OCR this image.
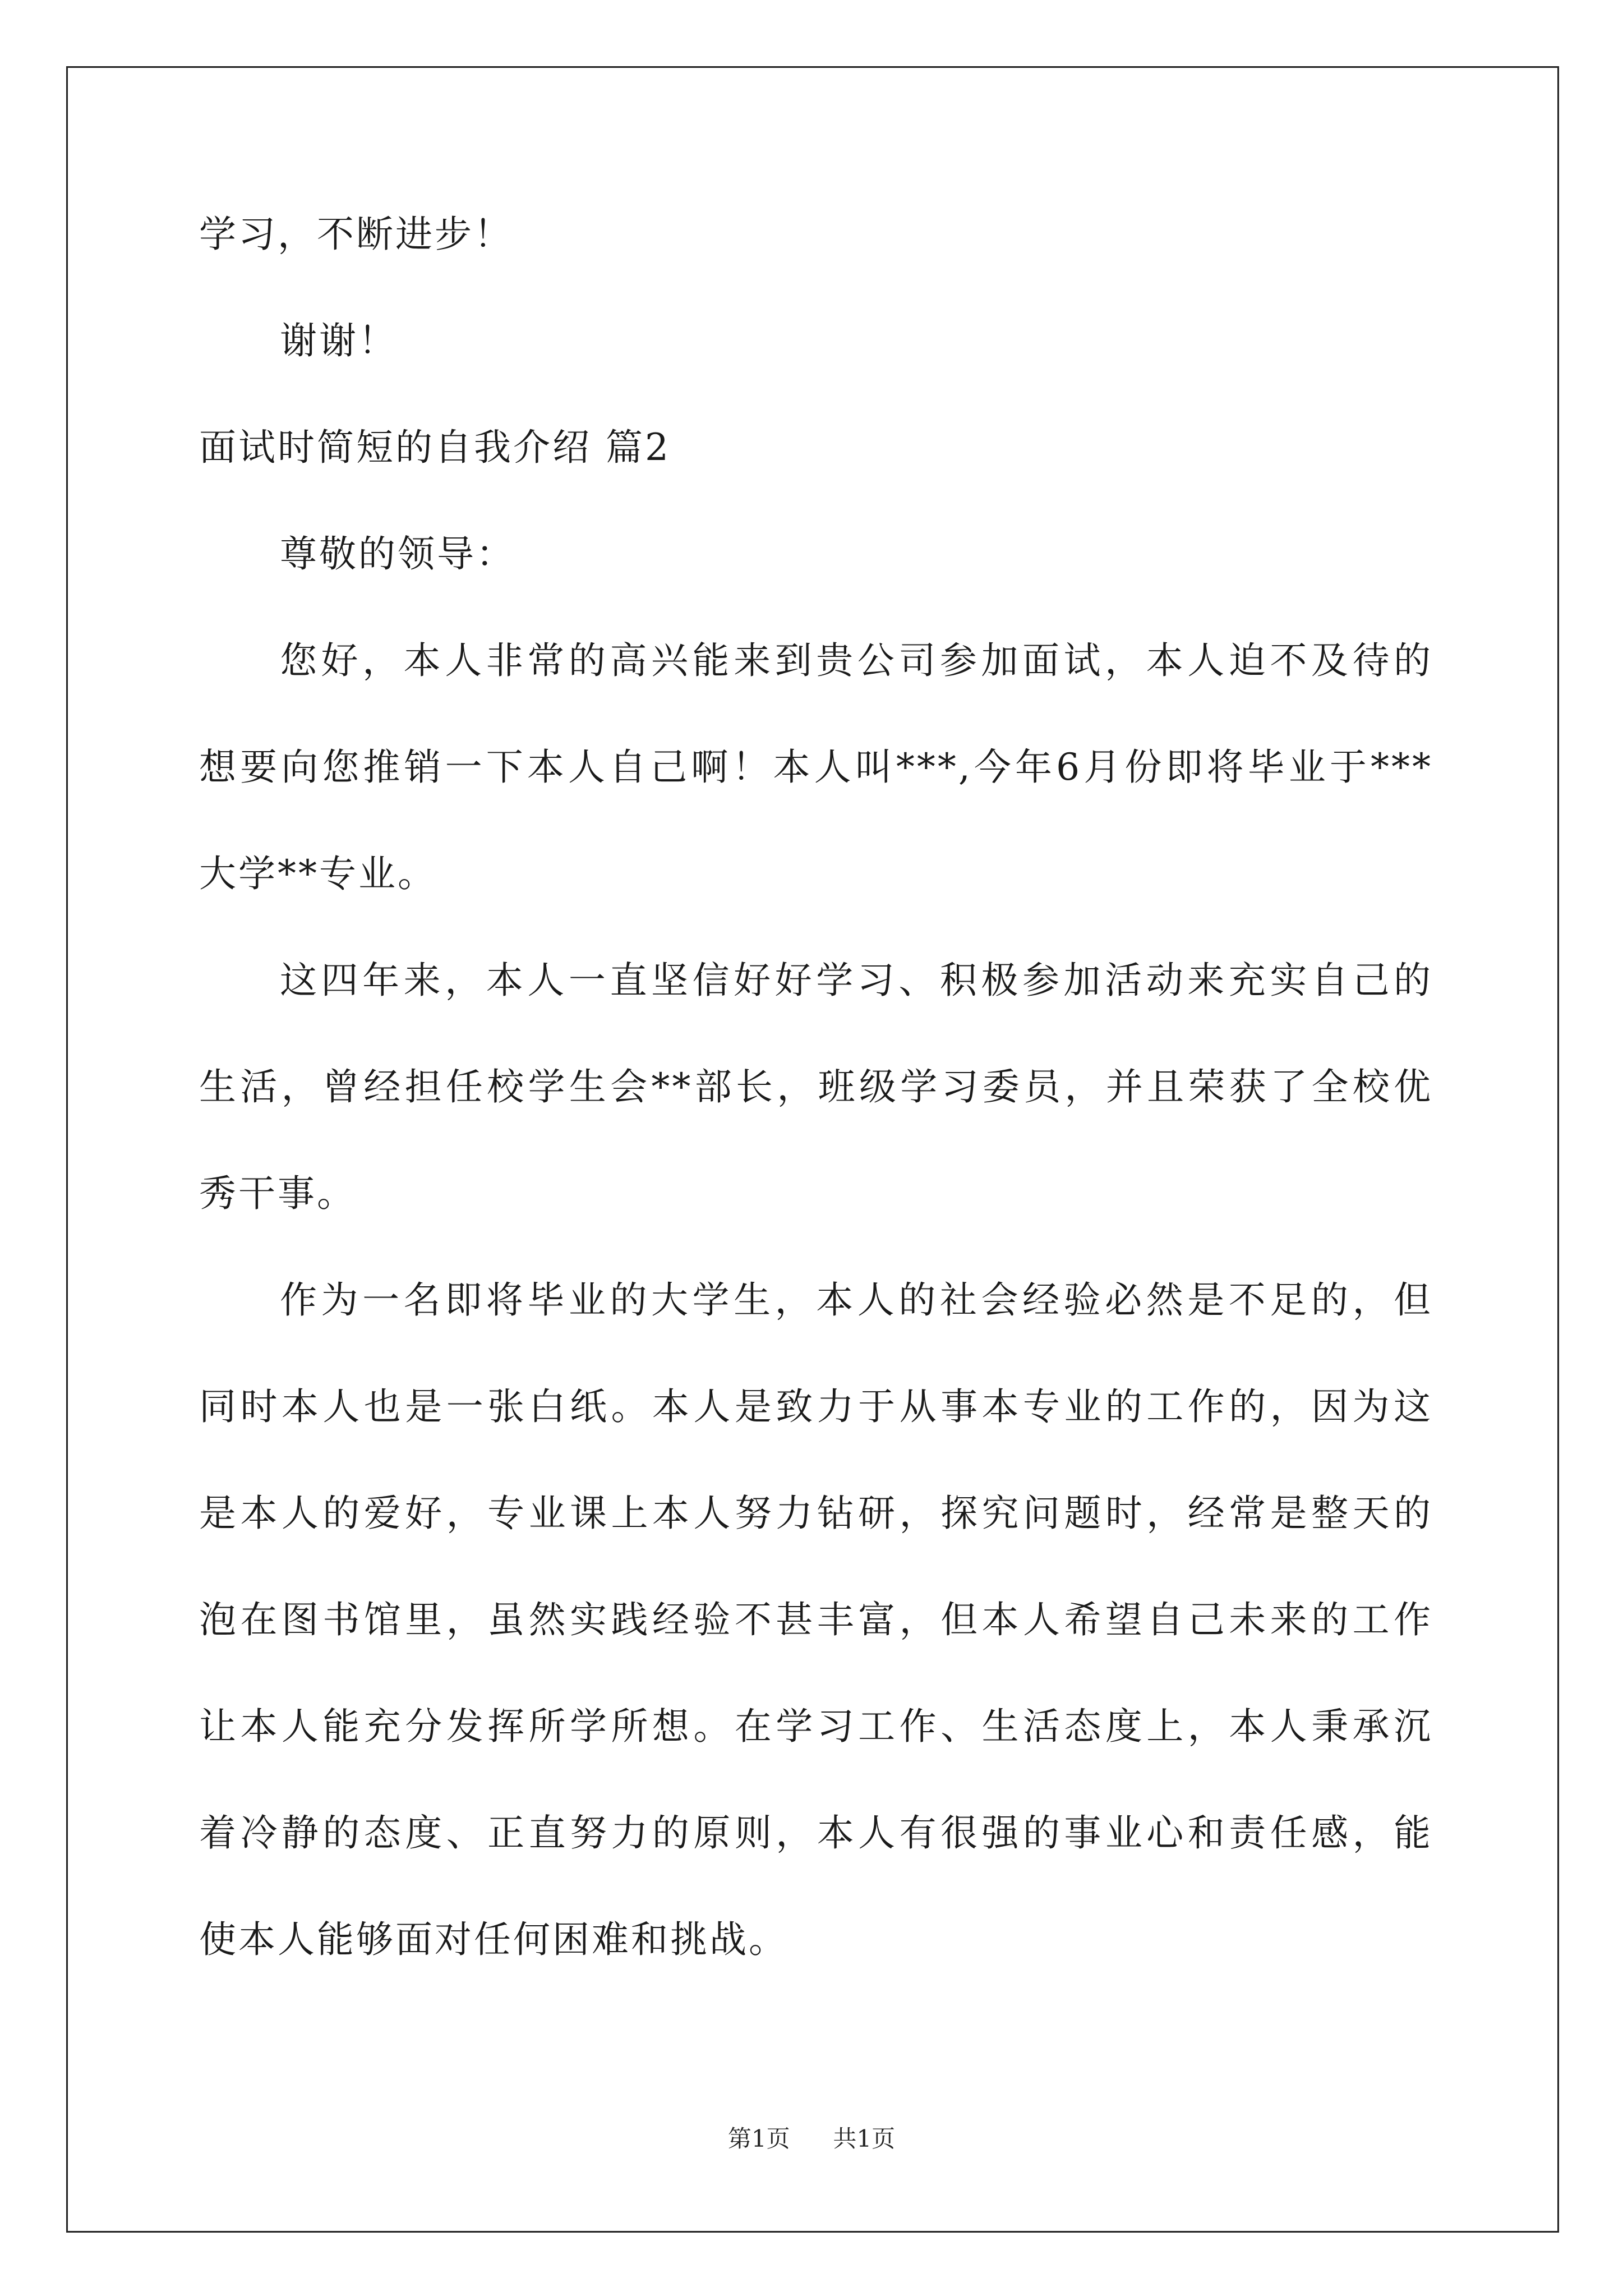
学习，不断进步！
谢谢！
面试时简短的自我介绍 篇2
尊敬的领导：
您好，本人非常的高兴能来到贵公司参加面试，本人迫不及待的
想要向您推销一下本人自己啊！本人叫***,今年6月份即将毕业于***
大学**专业。
这四年来，本人一直坚信好好学习、积极参加活动来充实自己的
生活，曾经担任校学生会**部长，班级学习委员，并且荣获了全校优
秀干事。
作为一名即将毕业的大学生，本人的社会经验必然是不足的，但
同时本人也是一张白纸。本人是致力于从事本专业的工作的，因为这
是本人的爱好，专业课上本人努力钻研，探究问题时，经常是整天的
泡在图书馆里，虽然实践经验不甚丰富，但本人希望自己未来的工作
让本人能充分发挥所学所想。在学习工作、生活态度上，本人秉承沉
着冷静的态度、正直努力的原则，本人有很强的事业心和责任感，能
使本人能够面对任何困难和挑战。
第1页 共1页
